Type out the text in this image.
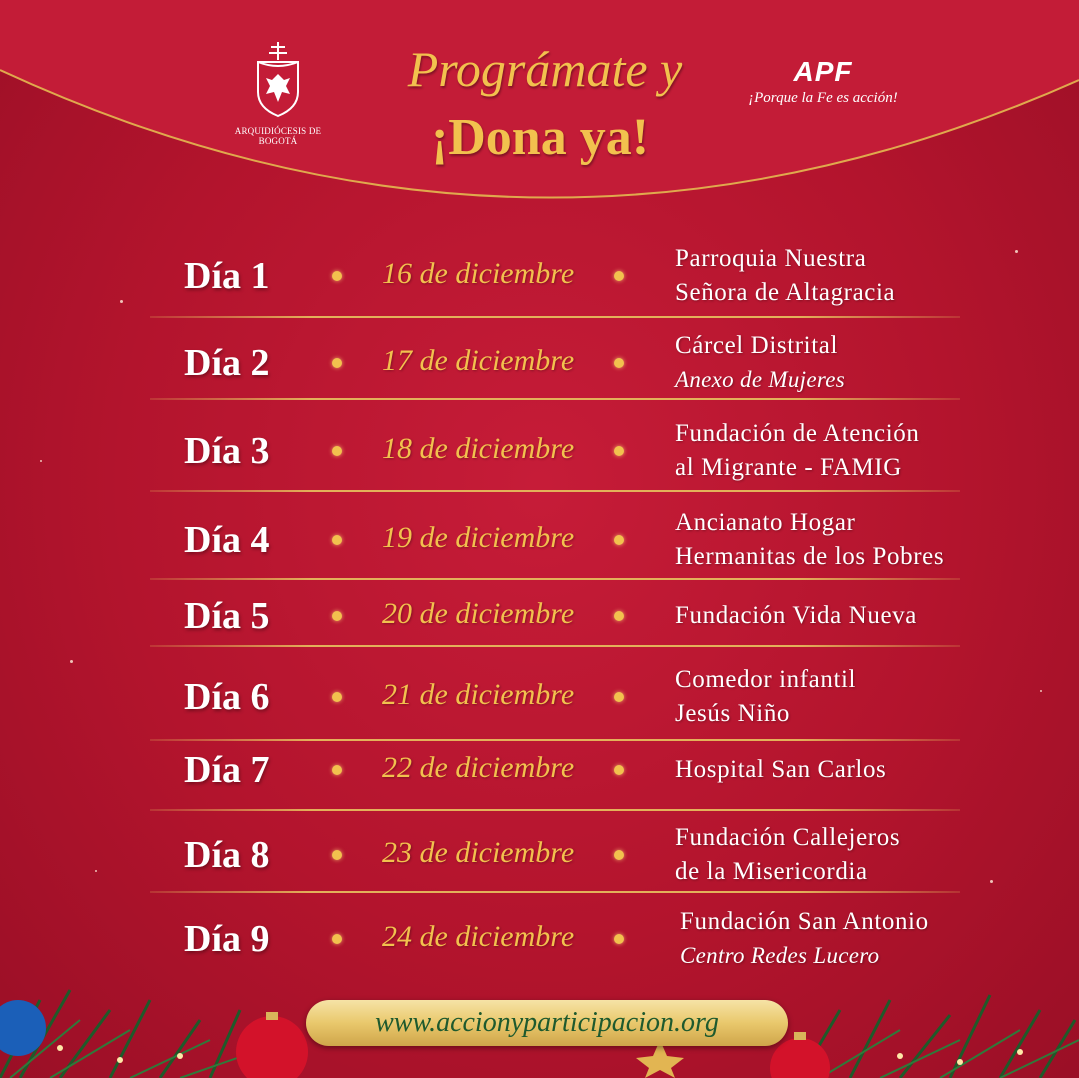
ARQUIDIÓCESIS DE BOGOTÁ
Prográmate y
¡Dona ya!
APF
¡Porque la Fe es acción!
Día 1	16 de diciembre	Parroquia Nuestra
Señora de Altagracia
Día 2	17 de diciembre	Cárcel Distrital
Anexo de Mujeres
Día 3	18 de diciembre	Fundación de Atención
al Migrante - FAMIG
Día 4	19 de diciembre	Ancianato Hogar
Hermanitas de los Pobres
Día 5	20 de diciembre	Fundación Vida Nueva
Día 6	21 de diciembre	Comedor infantil
Jesús Niño
Día 7	22 de diciembre	Hospital San Carlos
Día 8	23 de diciembre	Fundación Callejeros
de la Misericordia
Día 9	24 de diciembre	Fundación San Antonio
Centro Redes Lucero
www.accionyparticipacion.org
